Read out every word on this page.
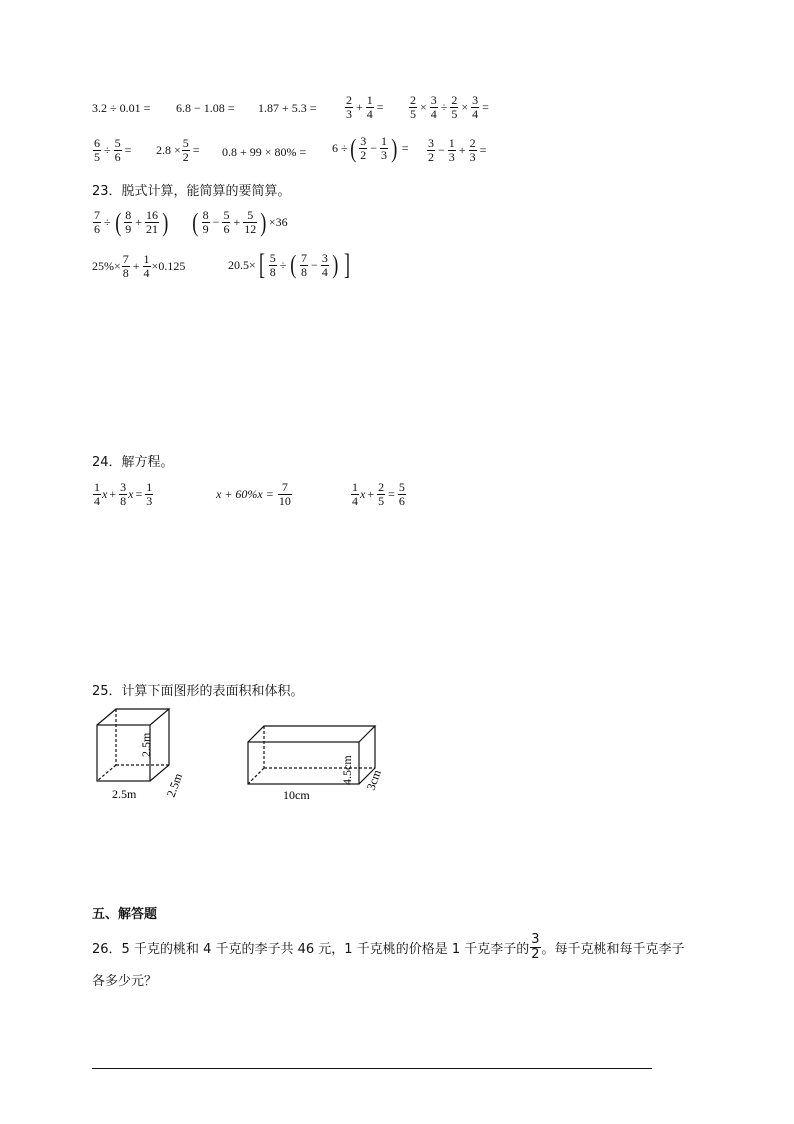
$3.2 \div 0.01 = 6.8 - 1.08 = 1.87 + 5.3 = \frac{2}{3} + \frac{1}{4} = \frac{2}{5} \times \frac{3}{4} \div \frac{2}{5} \times \frac{3}{4}$ =
$\frac{6}{5} \div \frac{5}{6} = 2.8 \times \frac{5}{2} = 0.8 + 99 \times 80\% = 6$ ÷ ( $\frac{3}{2} - \frac{1}{3}$ ) = $\frac{3}{2} - \frac{1}{3} + \frac{2}{3}$ =
23．脱式计算，能简算的要简算。
$\frac{7}{6}$ ÷ ( $\frac{8}{9} + \frac{16}{21}$ ) ( $\frac{8}{9} - \frac{5}{6} + \frac{5}{12}$ ) ×36
$25\%\times \frac{7}{8} + \frac{1}{4} \times 0.125$	20.5× [ $\frac{5}{8}$ ÷ ( $\frac{7}{8} - \frac{3}{4}$ ) ]
24．解方程。
$\frac{1}{4}$ $x + \frac{3}{8}$ $x = \frac{1}{3}$	$x + 60\%x = \frac{7}{10}$	$\frac{1}{4}$ $x + \frac{2}{5} = \frac{5}{6}$
25．计算下面图形的表面积和体积。
2.5m
2.5m
2.5m
4.5cm 3cm
10cm
五、解答题
26．5 千克的桃和 4 千克的李子共 46 元，1 千克桃的价格是 1 千克李子的 $\frac{3}{2}$ 。每千克桃和每千克李子
各多少元？
